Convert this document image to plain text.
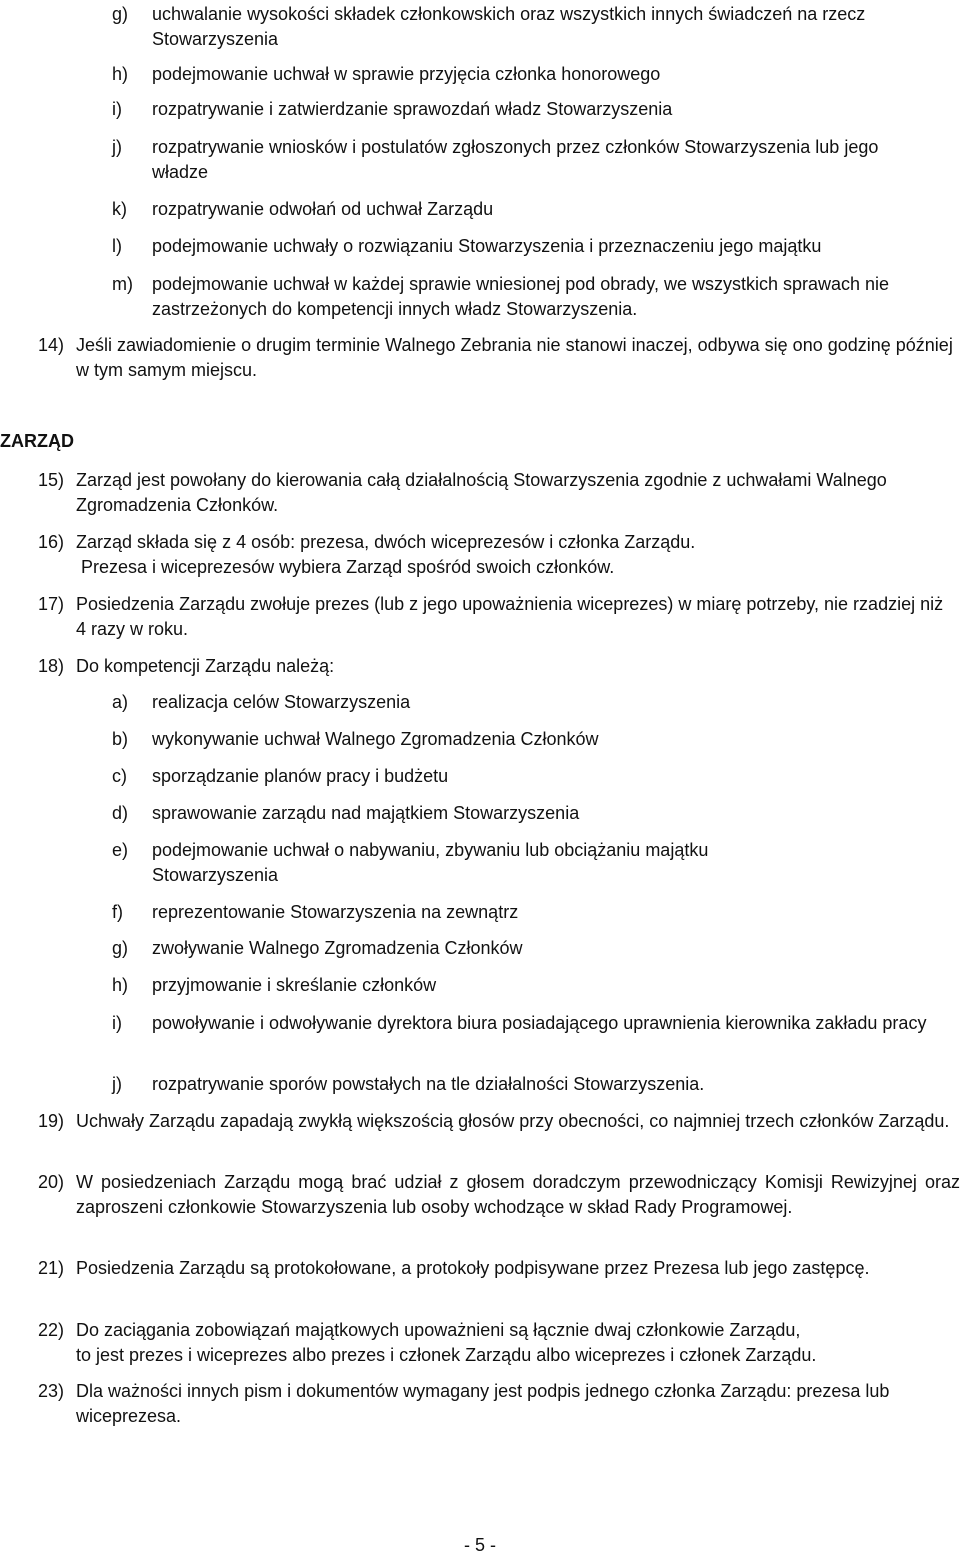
g) uchwalanie wysokości składek członkowskich oraz wszystkich innych świadczeń na rzecz Stowarzyszenia
h) podejmowanie uchwał w sprawie przyjęcia członka honorowego
i) rozpatrywanie i zatwierdzanie sprawozdań władz Stowarzyszenia
j) rozpatrywanie wniosków i postulatów zgłoszonych przez członków Stowarzyszenia lub jego władze
k) rozpatrywanie odwołań od uchwał Zarządu
l) podejmowanie uchwały o rozwiązaniu Stowarzyszenia i przeznaczeniu jego majątku
m) podejmowanie uchwał w każdej sprawie wniesionej pod obrady, we wszystkich sprawach nie zastrzeżonych do kompetencji innych władz Stowarzyszenia.
14) Jeśli zawiadomienie o drugim terminie Walnego Zebrania nie stanowi inaczej, odbywa się ono godzinę później w tym samym miejscu.
ZARZĄD
15) Zarząd jest powołany do kierowania całą działalnością Stowarzyszenia zgodnie z uchwałami Walnego Zgromadzenia Członków.
16) Zarząd składa się z 4 osób: prezesa, dwóch wiceprezesów i członka Zarządu.
Prezesa i wiceprezesów wybiera Zarząd spośród swoich członków.
17) Posiedzenia Zarządu zwołuje prezes (lub z jego upoważnienia wiceprezes) w miarę potrzeby, nie rzadziej niż 4 razy w roku.
18) Do kompetencji Zarządu należą:
a) realizacja celów Stowarzyszenia
b) wykonywanie uchwał Walnego Zgromadzenia Członków
c) sporządzanie planów pracy i budżetu
d) sprawowanie zarządu nad majątkiem Stowarzyszenia
e) podejmowanie uchwał o nabywaniu, zbywaniu lub obciążaniu majątku Stowarzyszenia
f) reprezentowanie Stowarzyszenia na zewnątrz
g) zwoływanie Walnego Zgromadzenia Członków
h) przyjmowanie i skreślanie członków
i) powoływanie i odwoływanie dyrektora biura posiadającego uprawnienia kierownika zakładu pracy
j) rozpatrywanie sporów powstałych na tle działalności Stowarzyszenia.
19) Uchwały Zarządu zapadają zwykłą większością głosów przy obecności, co najmniej trzech członków Zarządu.
20) W posiedzeniach Zarządu mogą brać udział z głosem doradczym przewodniczący Komisji Rewizyjnej oraz zaproszeni członkowie Stowarzyszenia lub osoby wchodzące w skład Rady Programowej.
21) Posiedzenia Zarządu są protokołowane, a protokoły podpisywane przez Prezesa lub jego zastępcę.
22) Do zaciągania zobowiązań majątkowych upoważnieni są łącznie dwaj członkowie Zarządu,
to jest prezes i wiceprezes albo prezes i członek Zarządu albo wiceprezes i członek Zarządu.
23) Dla ważności innych pism i dokumentów wymagany jest podpis jednego członka Zarządu: prezesa lub wiceprezesa.
- 5 -
